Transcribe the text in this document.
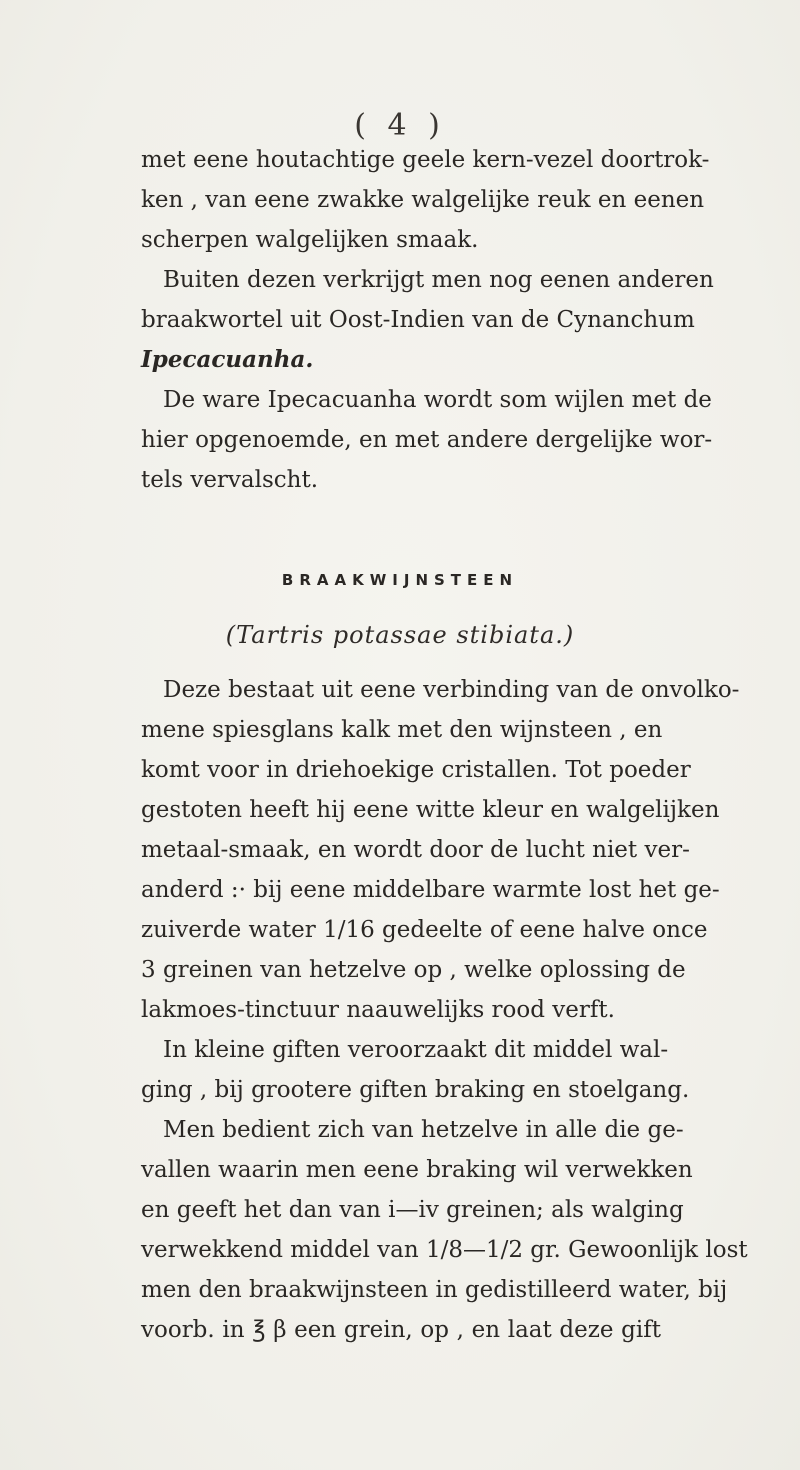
( 4 )
met eene houtachtige geele kern-vezel doortrok-
ken , van eene zwakke walgelijke reuk en eenen
scherpen walgelijken smaak.
Buiten dezen verkrijgt men nog eenen anderen
braakwortel uit Oost-Indien van de Cynanchum
Ipecacuanha.
De ware Ipecacuanha wordt som wijlen met de
hier opgenoemde, en met andere dergelijke wor-
tels vervalscht.
BRAAKWIJNSTEEN
(Tartris potassae stibiata.)
Deze bestaat uit eene verbinding van de onvolko-
mene spiesglans kalk met den wijnsteen , en
komt voor in driehoekige cristallen. Tot poeder
gestoten heeft hij eene witte kleur en walgelijken
metaal-smaak, en wordt door de lucht niet ver-
anderd :· bij eene middelbare warmte lost het ge-
zuiverde water 1/16 gedeelte of eene halve once
3 greinen van hetzelve op , welke oplossing de
lakmoes-tinctuur naauwelijks rood verft.
In kleine giften veroorzaakt dit middel wal-
ging , bij grootere giften braking en stoelgang.
Men bedient zich van hetzelve in alle die ge-
vallen waarin men eene braking wil verwekken
en geeft het dan van i—iv greinen; als walging
verwekkend middel van 1/8—1/2 gr. Gewoonlijk lost
men den braakwijnsteen in gedistilleerd water, bij
voorb. in ℥ β een grein, op , en laat deze gift
